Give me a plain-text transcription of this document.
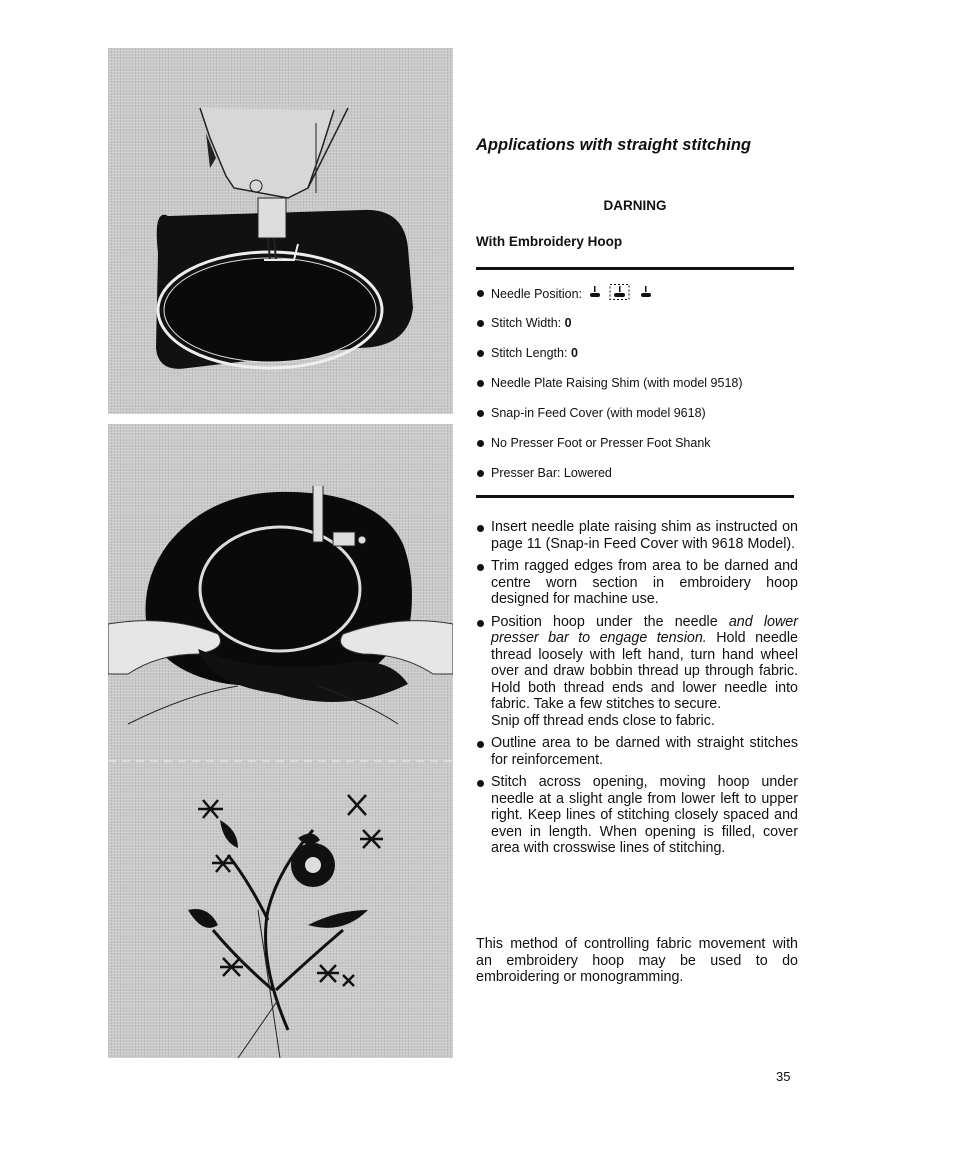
Applications with straight stitching
DARNING
With Embroidery Hoop
Needle Position:
Stitch Width: 0
Stitch Length: 0
Needle Plate Raising Shim (with model 9518)
Snap-in Feed Cover (with model 9618)
No Presser Foot or Presser Foot Shank
Presser Bar: Lowered
Insert needle plate raising shim as instructed on page 11 (Snap-in Feed Cover with 9618 Model).
Trim ragged edges from area to be darned and centre worn section in embroidery hoop designed for machine use.

Position hoop under the needle and lower presser bar to engage tension. Hold needle thread loosely with left hand, turn hand wheel over and draw bobbin thread up through fabric. Hold both thread ends and lower needle into fabric. Take a few stitches to secure.

Snip off thread ends close to fabric.

Outline area to be darned with straight stitches for reinforcement.
Stitch across opening, moving hoop under needle at a slight angle from lower left to upper right. Keep lines of stitching closely spaced and even in length. When opening is filled, cover area with crosswise lines of stitching.

This method of controlling fabric movement with an embroidery hoop may be used to do embroidering or monogramming.

35
